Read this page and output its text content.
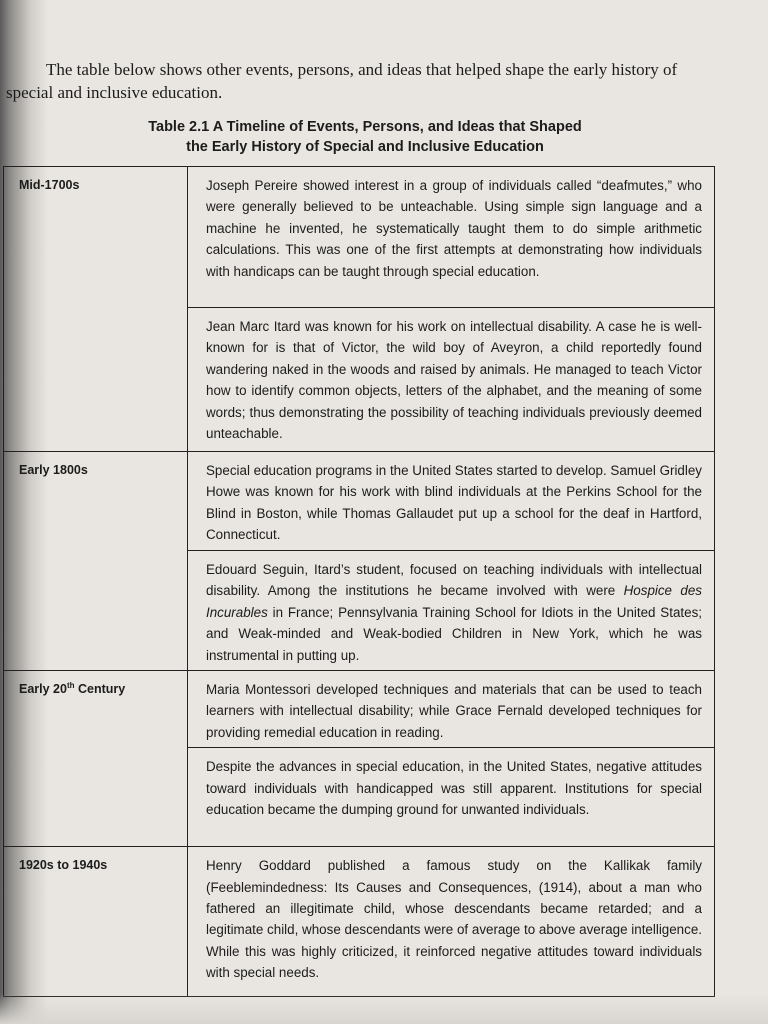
The table below shows other events, persons, and ideas that helped shape the early history of special and inclusive education.

Table 2.1 A Timeline of Events, Persons, and Ideas that Shaped
the Early History of Special and Inclusive Education
Mid-1700s	Joseph Pereire showed interest in a group of individuals called “deafmutes,” who were generally believed to be unteachable. Using simple sign language and a machine he invented, he systematically taught them to do simple arithmetic calculations. This was one of the first attempts at demonstrating how individuals with handicaps can be taught through special education.
	Jean Marc Itard was known for his work on intellectual disability. A case he is well-known for is that of Victor, the wild boy of Aveyron, a child reportedly found wandering naked in the woods and raised by animals. He managed to teach Victor how to identify common objects, letters of the alphabet, and the meaning of some words; thus demonstrating the possibility of teaching individuals previously deemed unteachable.
Early 1800s	Special education programs in the United States started to develop. Samuel Gridley Howe was known for his work with blind individuals at the Perkins School for the Blind in Boston, while Thomas Gallaudet put up a school for the deaf in Hartford, Connecticut.
	Edouard Seguin, Itard’s student, focused on teaching individuals with intellectual disability. Among the institutions he became involved with were Hospice des Incurables in France; Pennsylvania Training School for Idiots in the United States; and Weak-minded and Weak-bodied Children in New York, which he was instrumental in putting up.
Early 20th Century	Maria Montessori developed techniques and materials that can be used to teach learners with intellectual disability; while Grace Fernald developed techniques for providing remedial education in reading.
	Despite the advances in special education, in the United States, negative attitudes toward individuals with handicapped was still apparent. Institutions for special education became the dumping ground for unwanted individuals.
1920s to 1940s	Henry Goddard published a famous study on the Kallikak family (Feeblemindedness: Its Causes and Consequences, (1914), about a man who fathered an illegitimate child, whose descendants became retarded; and a legitimate child, whose descendants were of average to above average intelligence. While this was highly criticized, it reinforced negative attitudes toward individuals with special needs.
